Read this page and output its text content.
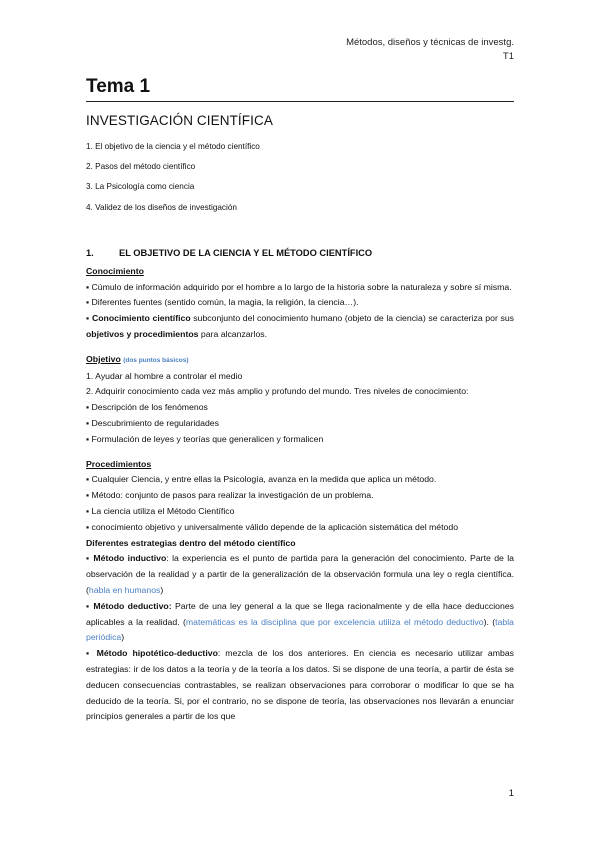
Métodos, diseños y técnicas de investg.
T1
Tema 1
INVESTIGACIÓN CIENTÍFICA
1. El objetivo de la ciencia y el método científico
2. Pasos del método científico
3. La Psicología como ciencia
4. Validez de los diseños de investigación
1.	EL OBJETIVO DE LA CIENCIA Y EL MÉTODO CIENTÍFICO
Conocimiento

▪ Cúmulo de información adquirido por el hombre a lo largo de la historia sobre la naturaleza y sobre sí misma.

▪ Diferentes fuentes (sentido común, la magia, la religión, la ciencia…).

▪ Conocimiento científico subconjunto del conocimiento humano (objeto de la ciencia) se caracteriza por sus objetivos y procedimientos para alcanzarlos.

Objetivo (dos puntos básicos)

1. Ayudar al hombre a controlar el medio

2. Adquirir conocimiento cada vez más amplio y profundo del mundo. Tres niveles de conocimiento:

▪ Descripción de los fenómenos

▪ Descubrimiento de regularidades

▪ Formulación de leyes y teorías que generalicen y formalicen

Procedimientos

▪ Cualquier Ciencia, y entre ellas la Psicología, avanza en la medida que aplica un método.

▪ Método: conjunto de pasos para realizar la investigación de un problema.

▪ La ciencia utiliza el Método Científico

▪ conocimiento objetivo y universalmente válido depende de la aplicación sistemática del método

Diferentes estrategias dentro del método científico

▪ Método inductivo: la experiencia es el punto de partida para la generación del conocimiento. Parte de la observación de la realidad y a partir de la generalización de la observación formula una ley o regla científica. (habla en humanos)

▪ Método deductivo: Parte de una ley general a la que se llega racionalmente y de ella hace deducciones aplicables a la realidad. (matemáticas es la disciplina que por excelencia utiliza el método deductivo). (tabla periódica)

▪ Método hipotético-deductivo: mezcla de los dos anteriores. En ciencia es necesario utilizar ambas estrategias: ir de los datos a la teoría y de la teoría a los datos. Si se dispone de una teoría, a partir de ésta se deducen consecuencias contrastables, se realizan observaciones para corroborar o modificar lo que se ha deducido de la teoría. Si, por el contrario, no se dispone de teoría, las observaciones nos llevarán a enunciar principios generales a partir de los que

1
